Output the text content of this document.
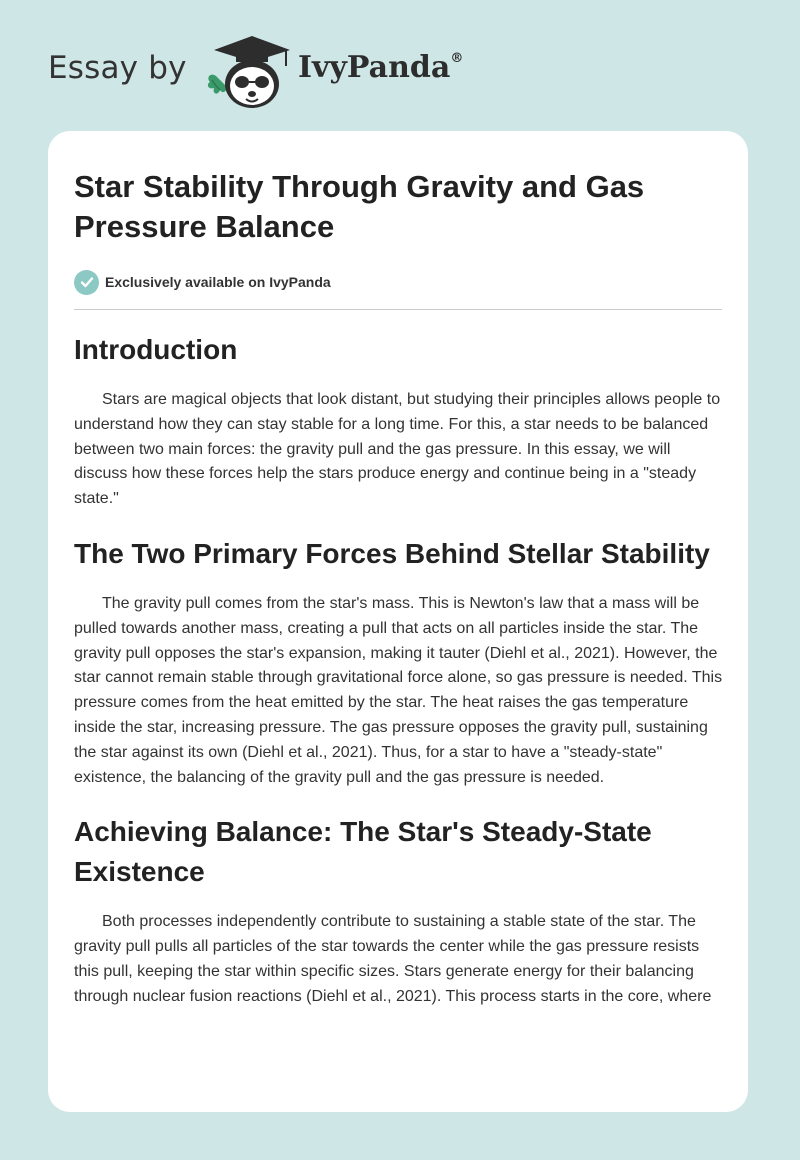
Essay by	IvyPanda®
Star Stability Through Gravity and Gas Pressure Balance
Exclusively available on IvyPanda
Introduction

Stars are magical objects that look distant, but studying their principles allows people to understand how they can stay stable for a long time. For this, a star needs to be balanced between two main forces: the gravity pull and the gas pressure. In this essay, we will discuss how these forces help the stars produce energy and continue being in a "steady state."

The Two Primary Forces Behind Stellar Stability

The gravity pull comes from the star's mass. This is Newton's law that a mass will be pulled towards another mass, creating a pull that acts on all particles inside the star. The gravity pull opposes the star's expansion, making it tauter (Diehl et al., 2021). However, the star cannot remain stable through gravitational force alone, so gas pressure is needed. This pressure comes from the heat emitted by the star. The heat raises the gas temperature inside the star, increasing pressure. The gas pressure opposes the gravity pull, sustaining the star against its own (Diehl et al., 2021). Thus, for a star to have a "steady-state" existence, the balancing of the gravity pull and the gas pressure is needed.

Achieving Balance: The Star's Steady-State Existence

Both processes independently contribute to sustaining a stable state of the star. The gravity pull pulls all particles of the star towards the center while the gas pressure resists this pull, keeping the star within specific sizes. Stars generate energy for their balancing through nuclear fusion reactions (Diehl et al., 2021). This process starts in the core, where
